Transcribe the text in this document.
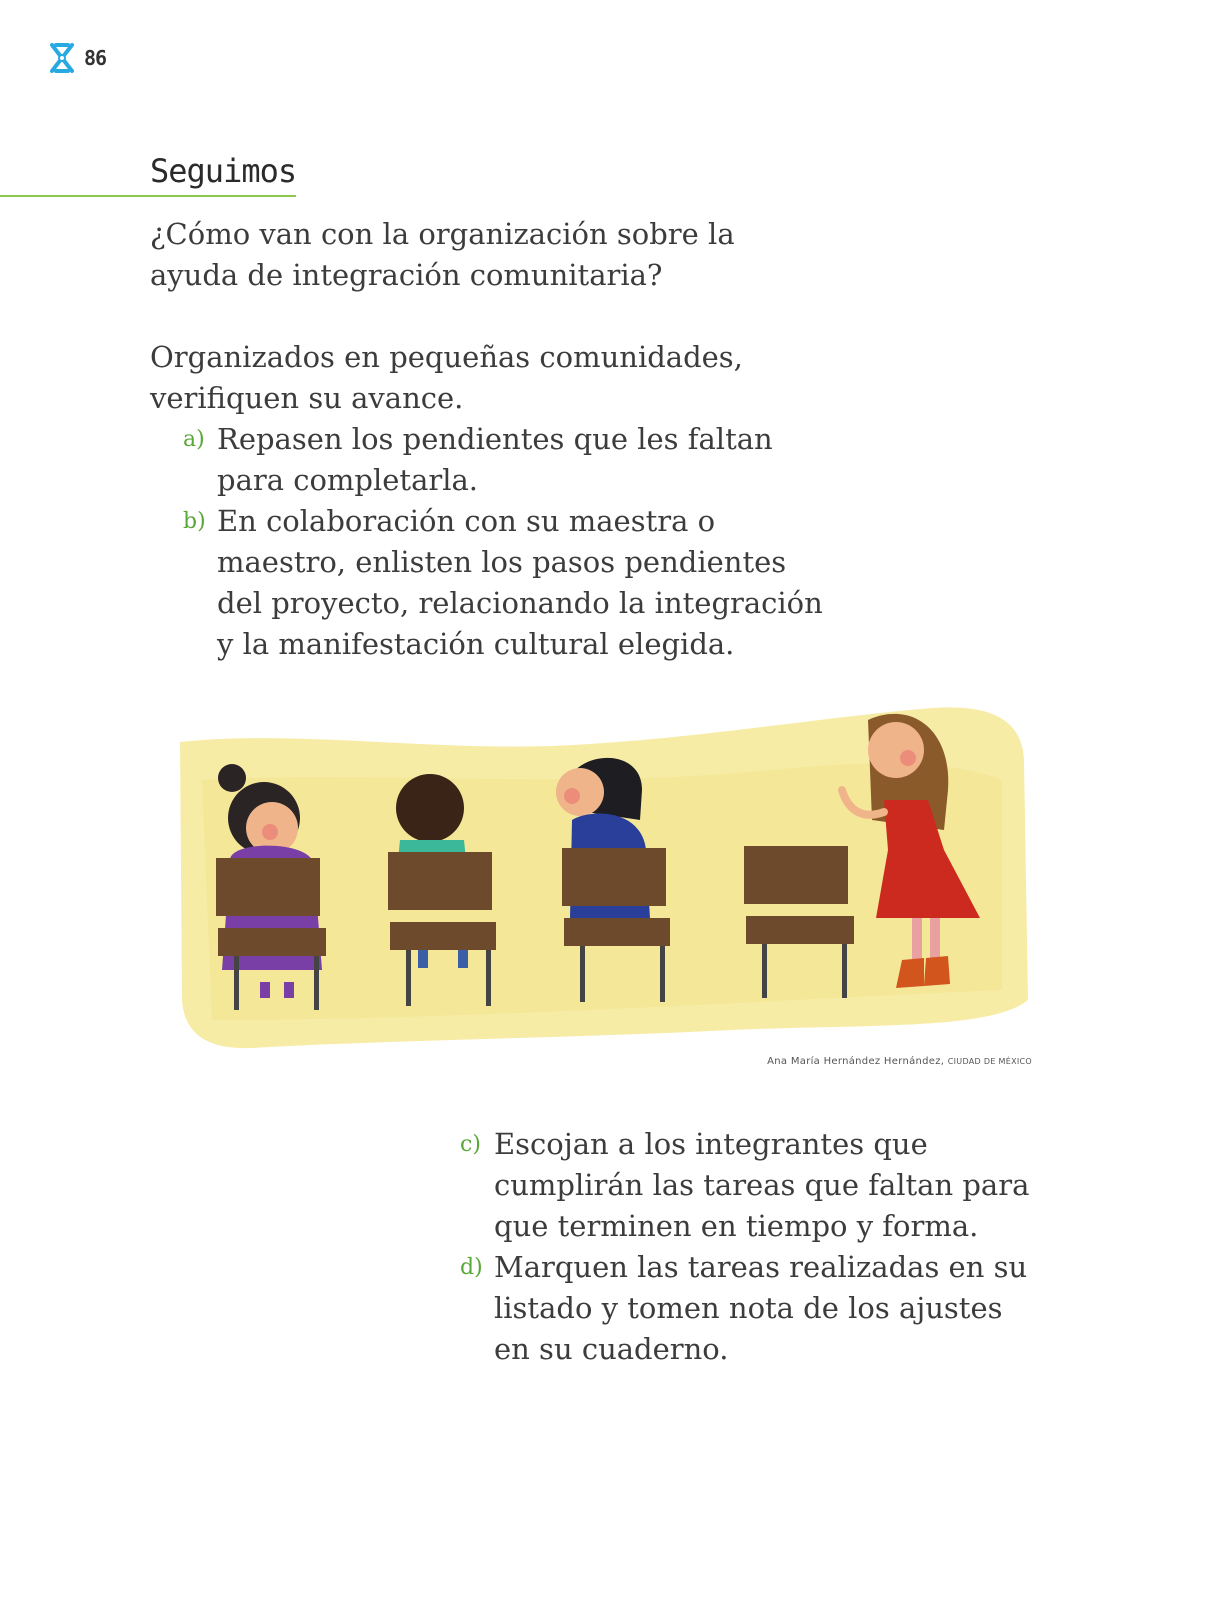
86
Seguimos

¿Cómo van con la organización sobre la
ayuda de integración comunitaria?

Organizados en pequeñas comunidades,
verifiquen su avance.

a) Repasen los pendientes que les faltan
para completarla.
b) En colaboración con su maestra o
maestro, enlisten los pasos pendientes
del proyecto, relacionando la integración
y la manifestación cultural elegida.
Ana María Hernández Hernández, CIUDAD DE MÉXICO
c) Escojan a los integrantes que
cumplirán las tareas que faltan para
que terminen en tiempo y forma.
d) Marquen las tareas realizadas en su
listado y tomen nota de los ajustes
en su cuaderno.
